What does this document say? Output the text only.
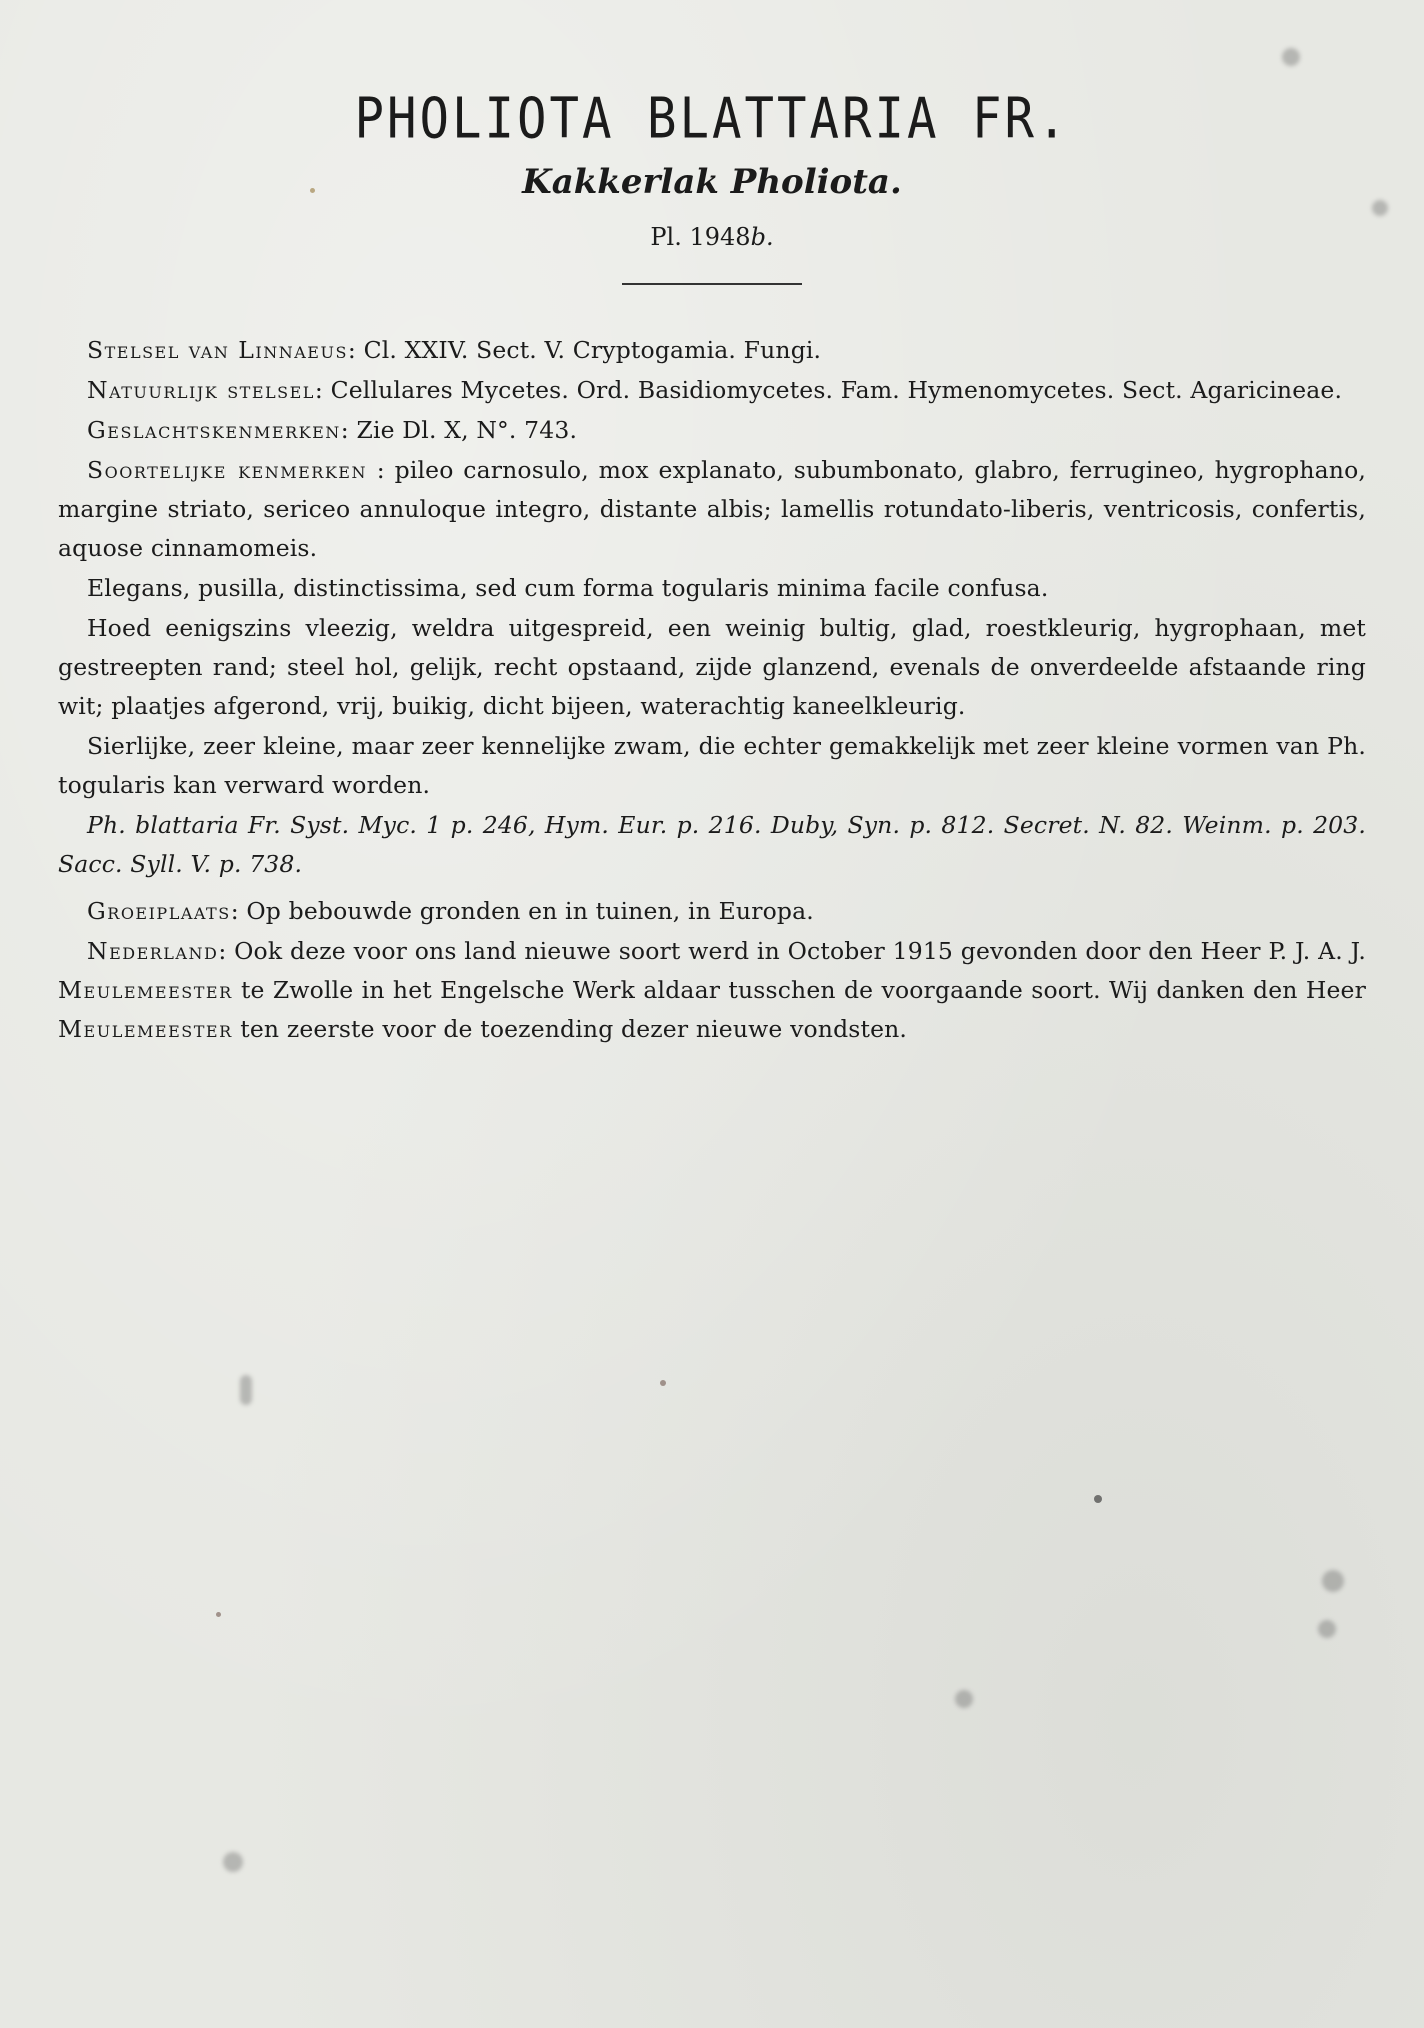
PHOLIOTA BLATTARIA FR.
Kakkerlak Pholiota.
Pl. 1948b.

Stelsel van Linnaeus: Cl. XXIV. Sect. V. Cryptogamia. Fungi.

Natuurlijk stelsel: Cellulares Mycetes. Ord. Basidiomycetes. Fam. Hymenomycetes. Sect. Agaricineae.

Geslachtskenmerken: Zie Dl. X, N°. 743.

Soortelijke kenmerken : pileo carnosulo, mox explanato, subumbonato, glabro, ferrugineo, hygrophano, margine striato, sericeo annuloque integro, distante albis; lamellis rotundato-liberis, ventricosis, confertis, aquose cinnamomeis.

Elegans, pusilla, distinctissima, sed cum forma togularis minima facile confusa.

Hoed eenigszins vleezig, weldra uitgespreid, een weinig bultig, glad, roestkleurig, hygrophaan, met gestreepten rand; steel hol, gelijk, recht opstaand, zijde glanzend, evenals de onverdeelde afstaande ring wit; plaatjes afgerond, vrij, buikig, dicht bijeen, waterachtig kaneelkleurig.

Sierlijke, zeer kleine, maar zeer kennelijke zwam, die echter gemakkelijk met zeer kleine vormen van Ph. togularis kan verward worden.

Ph. blattaria Fr. Syst. Myc. 1 p. 246, Hym. Eur. p. 216. Duby, Syn. p. 812. Secret. N. 82. Weinm. p. 203. Sacc. Syll. V. p. 738.

Groeiplaats: Op bebouwde gronden en in tuinen, in Europa.

Nederland: Ook deze voor ons land nieuwe soort werd in October 1915 gevonden door den Heer P. J. A. J. Meulemeester te Zwolle in het Engelsche Werk aldaar tusschen de voorgaande soort. Wij danken den Heer Meulemeester ten zeerste voor de toezending dezer nieuwe vondsten.
